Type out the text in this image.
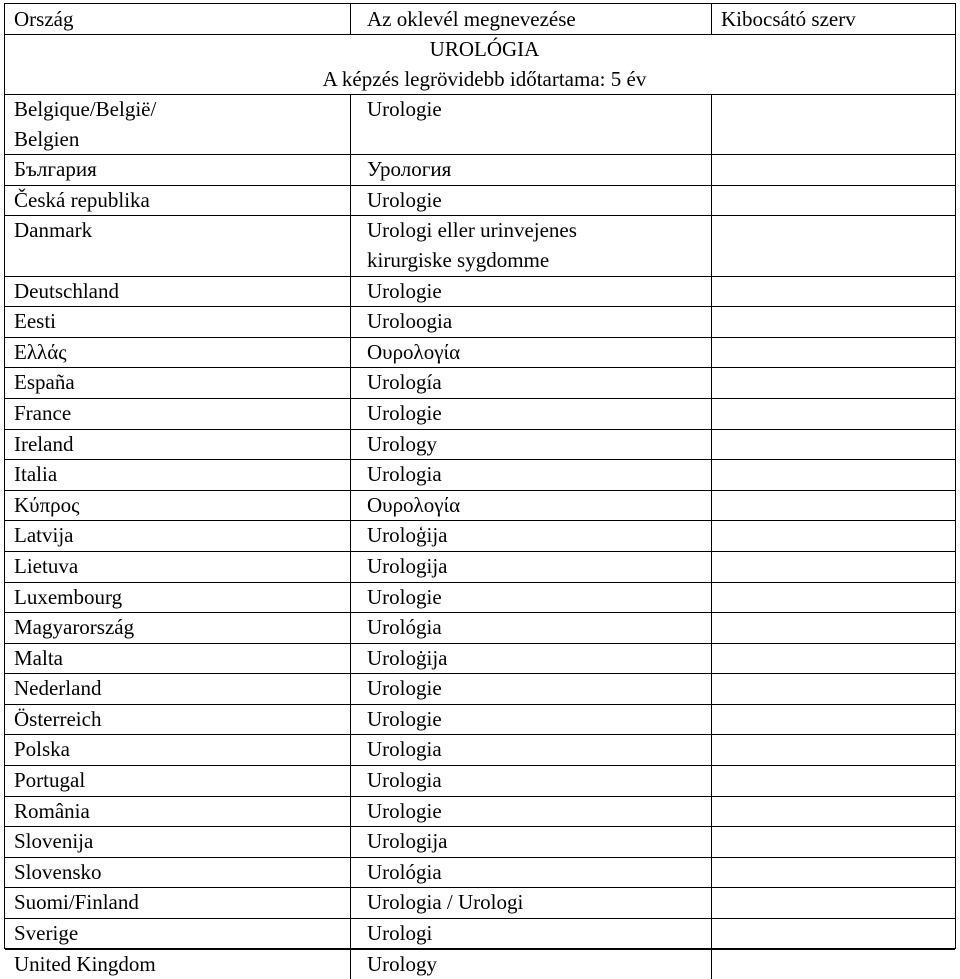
Ország	Az oklevél megnevezése	Kibocsátó szerv

UROLÓGIA
A képzés legrövidebb időtartama: 5 év		

Belgique/België/
Belgien	Urologie	

България	Урология	

Česká republika	Urologie	

Danmark	Urologi eller urinvejenes
kirurgiske sygdomme	

Deutschland	Urologie	

Eesti	Uroloogia	

Ελλάς	Ουρολογία	

España	Urología	

France	Urologie	

Ireland	Urology	

Italia	Urologia	

Κύπρος	Ουρολογία	

Latvija	Uroloģija	

Lietuva	Urologija	

Luxembourg	Urologie	

Magyarország	Urológia	

Malta	Uroloġija	

Nederland	Urologie	

Österreich	Urologie	

Polska	Urologia	

Portugal	Urologia	

România	Urologie	

Slovenija	Urologija	

Slovensko	Urológia	

Suomi/Finland	Urologia / Urologi	

Sverige	Urologi	

United Kingdom	Urology	
